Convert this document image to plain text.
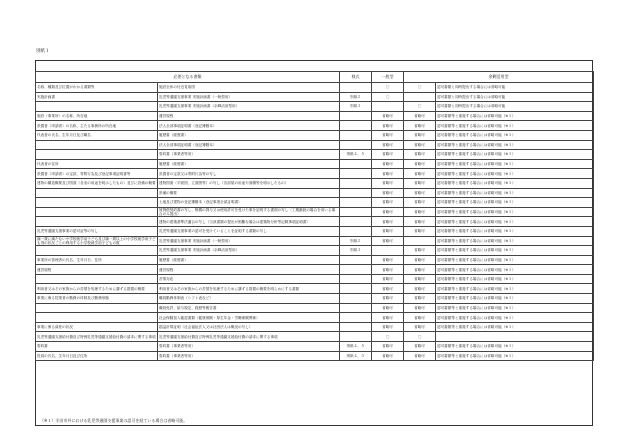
別紙１
必要となる書類		様式	一般型	余剰活用型	
名称、種類及び位置がわかる書類等	施設全体の付近見取図		〇	〇	認可書類と同時提出する場合には省略可能
実施計画書	乳児等通園支援事業 実施計画書（一般型用）	別紙２	〇		認可書類と同時提出する場合には省略可能
	乳児等通園支援事業 実施計画書（余剰活用型用）	別紙３		〇	認可書類と同時提出する場合には省略可能
施設（事業所）の名称、所在地	運営規程		省略可	省略可	認可書類等と重複する場合には省略可能（※１）
設置者（申請者）の名称、主たる事務所の所在地	法人全部事項証明書（登記簿謄本）		省略可	省略可	認可書類等と重複する場合には省略可能（※１）
代表者の氏名、生年月日及び職名	履歴書（経歴書）		省略可	省略可	認可書類等と重複する場合には省略可能（※１）
	法人全部事項証明書（登記簿謄本）		省略可	省略可	認可書類等と重複する場合には省略可能（※１）
	誓約書（事業者等用）	別紙４、５	省略可	省略可	認可書類等と重複する場合には省略可能（※１）
代表者の住所	履歴書（経歴書）		省略可	省略可	認可書類等と重複する場合には省略可能（※１）
設置者（申請者）の定款、寄附行為及び登記事項証明書等	設置者の定款又は寄附行為等の写し		省略可	省略可	認可書類等と重複する場合には省略可能（※１）
建物の構造概要及び図面（各室の用途を明示したもの）並びに設備の概要	建物図面（平面図、立面図等）の写し（各部屋の用途や面積等を明示したもの）		省略可	省略可	認可書類等と重複する場合には省略可能（※１）
	設備の概要		省略可	省略可	認可書類等と重複する場合には省略可能（※１）
	土地及び建物の登記簿謄本（登記事項全部証明書）		省略可	省略可	認可書類等と重複する場合には省略可能（※１）
	賃貸借契約書の写し、無償の貸与又は使用許可を受けた事を証明する書面の写し（工期継続の場合を用いる場合のみ提出）		省略可	省略可	認可書類等と重複する場合には省略可能（※１）
	建物の建築基準法適合の写し（当該書類の提出が困難な場合は建築物分析等記載事項証明書）		省略可	省略可	認可書類等と重複する場合には省略可能（※１）
乳児等通園支援事業の認可証等の写し	乳児等通園支援事業の認可を受けていることを証明する書類の写し		省略可	省略可	認可書類等と重複する場合には省略可能（※１）
満一歳に満たない小学校就学前子ども及び満一歳以上の小学校就学前子ども別の状況ごとの利用する小学校就学前子どもの数	乳児等通園支援事業 実施計画書（一般型用）	別紙２	省略可		認可書類等と重複する場合には省略可能（※１）
	乳児等通園支援事業 実施計画書（余剰活用型用）	別紙３		省略可	認可書類等と重複する場合には省略可能（※１）
事業所の管理者の氏名、生年月日、住所	履歴書（経歴書）		省略可	省略可	認可書類等と重複する場合には省略可能（※１）
運営規程	運営規程		省略可	省略可	認可書類等と重複する場合には省略可能（※１）
	苦情対応		省略可	省略可	認可書類等と重複する場合には省略可能（※１）
利用者又はその家族からの苦情を処理するために講ずる措置の概要	利用者又はその家族からの苦情を処理するために講ずる措置の概要を明らかにする書類		省略可	省略可	認可書類等と重複する場合には省略可能（※１）
事業に係る従業者の勤務の体制及び勤務形態	職員勤務体制表（シフト表など）		省略可	省略可	認可書類等と重複する場合には省略可能（※１）
	職員免許、給与規定、経歴等報告書		省略可	省略可	認可書類等と重複する場合には省略可能（※１）
	社会保険加入確認書類（健康保険・厚生年金・労働保険関係）		省略可	省略可	認可書類等と重複する場合には省略可能（※１）
事業に係る資産の状況	損益計算証明（社会福祉法人又は社団法人は概況の写し）		省略可	省略可	認可書類等と重複する場合には省略可能（※１）
乳児等通園支援給付費及び特例乳児等通園支援給付費の請求に関する事項	乳児等通園支援給付費及び特例乳児等通園支援給付費の請求に関する事項		〇	〇	
誓約書	誓約書（事業者等用）	別紙４、５	省略可	省略可	認可書類等と重複する場合には省略可能（※１）
役員の氏名、生年月日及び住所	誓約書（事業者等用）	別紙４、５	省略可	省略可	認可書類等と重複する場合には省略可能（※１）
（※１）半田市外における乳児等通園支援事業の認可を経ている場合は省略可能。
